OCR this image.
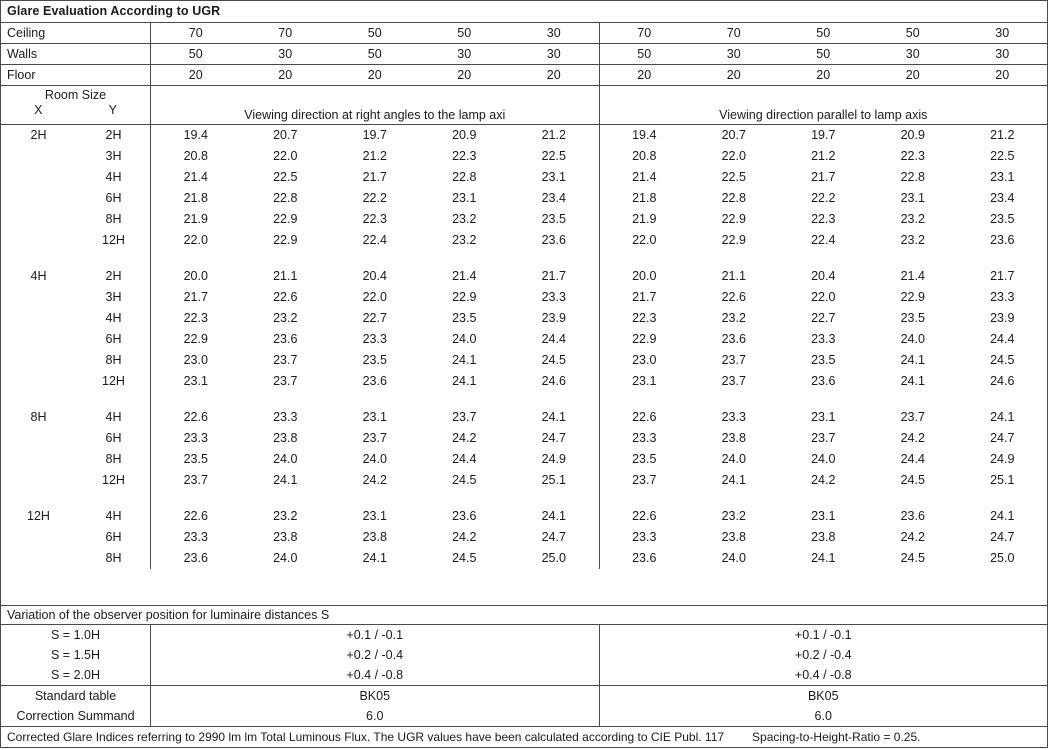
Glare Evaluation According to UGR
Ceiling	70	70	50	50	30	70	70	50	50	30
Walls	50	30	50	30	30	50	30	50	30	30
Floor	20	20	20	20	20	20	20	20	20	20
Room Size
X	Y	Viewing direction at right angles to the lamp axi	Viewing direction parallel to lamp axis
2H	2H	19.4	20.7	19.7	20.9	21.2	19.4	20.7	19.7	20.9	21.2
3H	20.8	22.0	21.2	22.3	22.5	20.8	22.0	21.2	22.3	22.5
4H	21.4	22.5	21.7	22.8	23.1	21.4	22.5	21.7	22.8	23.1
6H	21.8	22.8	22.2	23.1	23.4	21.8	22.8	22.2	23.1	23.4
8H	21.9	22.9	22.3	23.2	23.5	21.9	22.9	22.3	23.2	23.5
12H	22.0	22.9	22.4	23.2	23.6	22.0	22.9	22.4	23.2	23.6
4H	2H	20.0	21.1	20.4	21.4	21.7	20.0	21.1	20.4	21.4	21.7
3H	21.7	22.6	22.0	22.9	23.3	21.7	22.6	22.0	22.9	23.3
4H	22.3	23.2	22.7	23.5	23.9	22.3	23.2	22.7	23.5	23.9
6H	22.9	23.6	23.3	24.0	24.4	22.9	23.6	23.3	24.0	24.4
8H	23.0	23.7	23.5	24.1	24.5	23.0	23.7	23.5	24.1	24.5
12H	23.1	23.7	23.6	24.1	24.6	23.1	23.7	23.6	24.1	24.6
8H	4H	22.6	23.3	23.1	23.7	24.1	22.6	23.3	23.1	23.7	24.1
6H	23.3	23.8	23.7	24.2	24.7	23.3	23.8	23.7	24.2	24.7
8H	23.5	24.0	24.0	24.4	24.9	23.5	24.0	24.0	24.4	24.9
12H	23.7	24.1	24.2	24.5	25.1	23.7	24.1	24.2	24.5	25.1
12H	4H	22.6	23.2	23.1	23.6	24.1	22.6	23.2	23.1	23.6	24.1
6H	23.3	23.8	23.8	24.2	24.7	23.3	23.8	23.8	24.2	24.7
8H	23.6	24.0	24.1	24.5	25.0	23.6	24.0	24.1	24.5	25.0
Variation of the observer position for luminaire distances S
S = 1.0H	+0.1 / -0.1	+0.1 / -0.1
S = 1.5H	+0.2 / -0.4	+0.2 / -0.4
S = 2.0H	+0.4 / -0.8	+0.4 / -0.8
Standard table	BK05	BK05
Correction Summand	6.0	6.0
Corrected Glare Indices referring to 2990 lm lm Total Luminous Flux. The UGR values have been calculated according to CIE Publ. 117 Spacing-to-Height-Ratio = 0.25.
